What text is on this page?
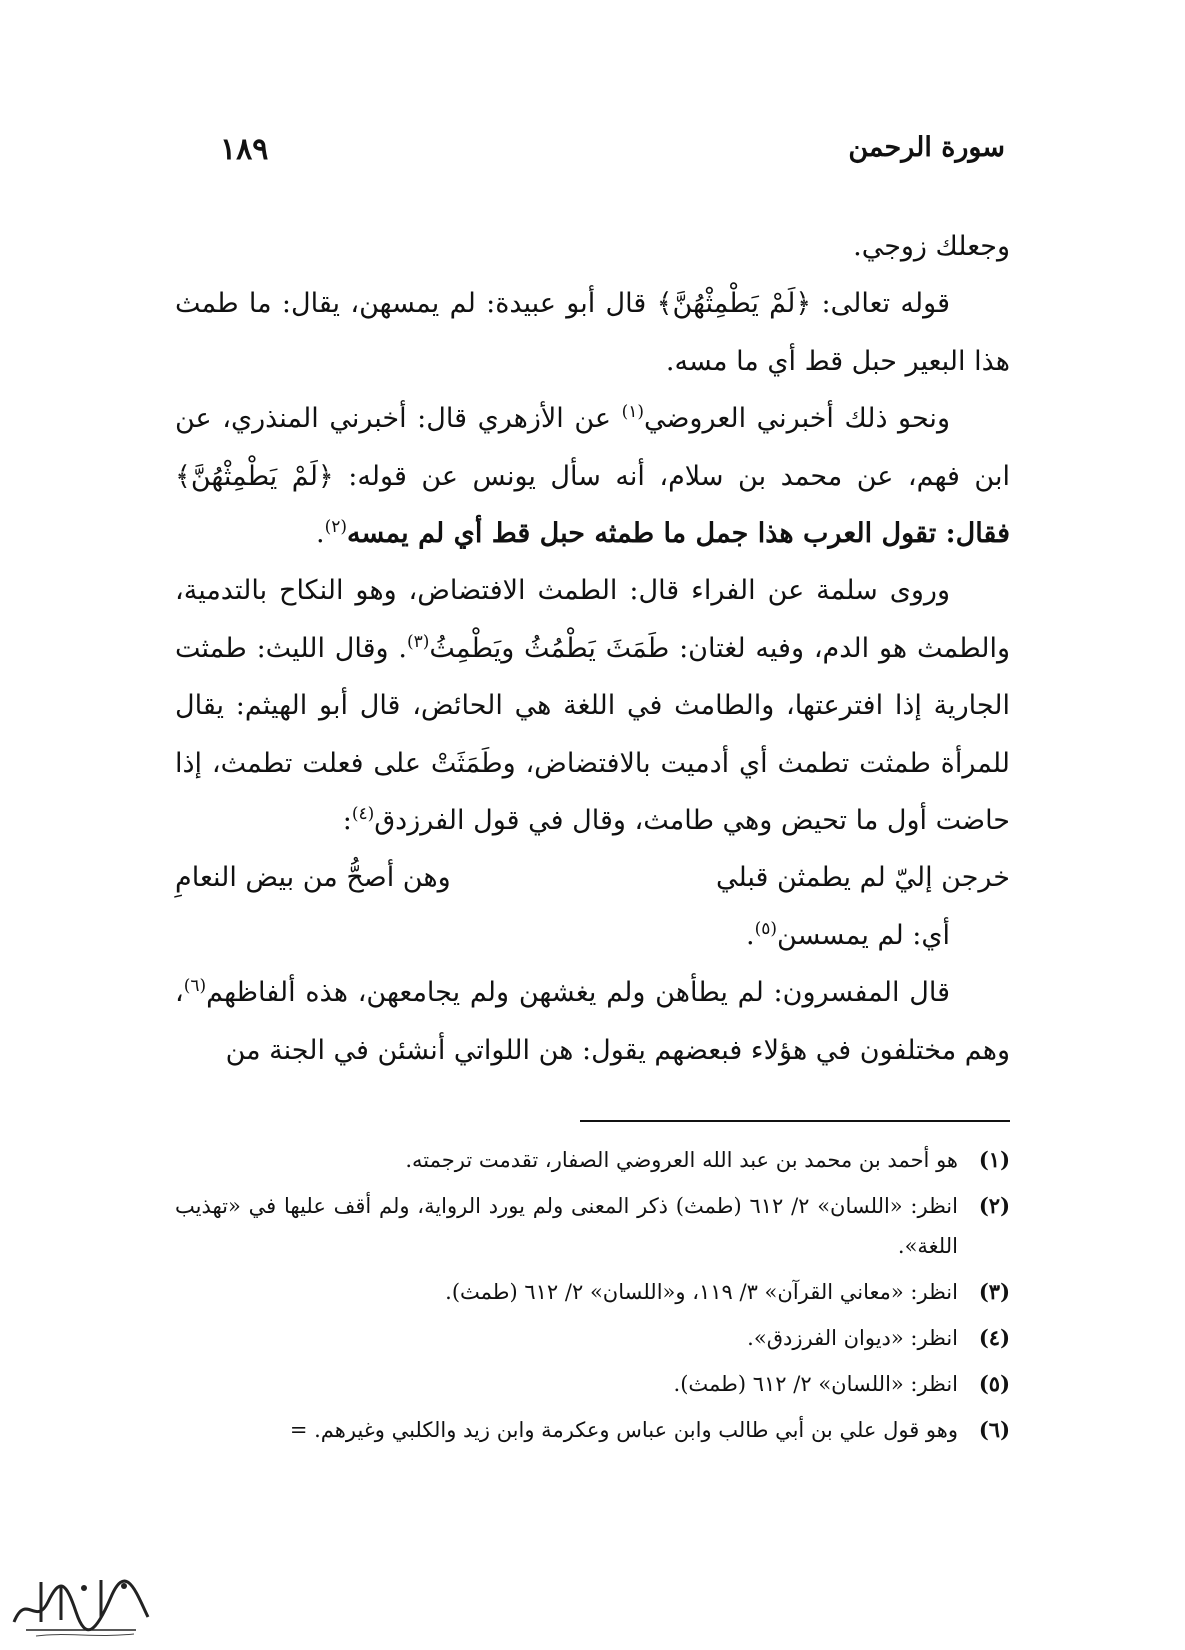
سورة الرحمن
١٨٩

وجعلك زوجي.

قوله تعالى: ﴿لَمْ يَطْمِثْهُنَّ﴾ قال أبو عبيدة: لم يمسهن، يقال: ما طمث هذا البعير حبل قط أي ما مسه.

ونحو ذلك أخبرني العروضي$^{(١)}$ عن الأزهري قال: أخبرني المنذري، عن ابن فهم، عن محمد بن سلام، أنه سأل يونس عن قوله: ﴿لَمْ يَطْمِثْهُنَّ﴾ فقال: تقول العرب هذا جمل ما طمثه حبل قط أي لم يمسه$^{(٢)}$.

وروى سلمة عن الفراء قال: الطمث الافتضاض، وهو النكاح بالتدمية، والطمث هو الدم، وفيه لغتان: طَمَثَ يَطْمُثُ ويَطْمِثُ$^{(٣)}$. وقال الليث: طمثت الجارية إذا افترعتها، والطامث في اللغة هي الحائض، قال أبو الهيثم: يقال للمرأة طمثت تطمث أي أدميت بالافتضاض، وطَمَثَتْ على فعلت تطمث، إذا حاضت أول ما تحيض وهي طامث، وقال في قول الفرزدق$^{(٤)}$:

خرجن إليّ لم يطمثن قبلي
وهن أصحُّ من بيض النعامِ

أي: لم يمسسن$^{(٥)}$.

قال المفسرون: لم يطأهن ولم يغشهن ولم يجامعهن، هذه ألفاظهم$^{(٦)}$، وهم مختلفون في هؤلاء فبعضهم يقول: هن اللواتي أنشئن في الجنة من

(١)
هو أحمد بن محمد بن عبد الله العروضي الصفار، تقدمت ترجمته.
(٢)
انظر: «اللسان» ٢/ ٦١٢ (طمث) ذكر المعنى ولم يورد الرواية، ولم أقف عليها في «تهذيب اللغة».
(٣)
انظر: «معاني القرآن» ٣/ ١١٩، و«اللسان» ٢/ ٦١٢ (طمث).
(٤)
انظر: «ديوان الفرزدق».
(٥)
انظر: «اللسان» ٢/ ٦١٢ (طمث).
(٦)
وهو قول علي بن أبي طالب وابن عباس وعكرمة وابن زيد والكلبي وغيرهم. =
